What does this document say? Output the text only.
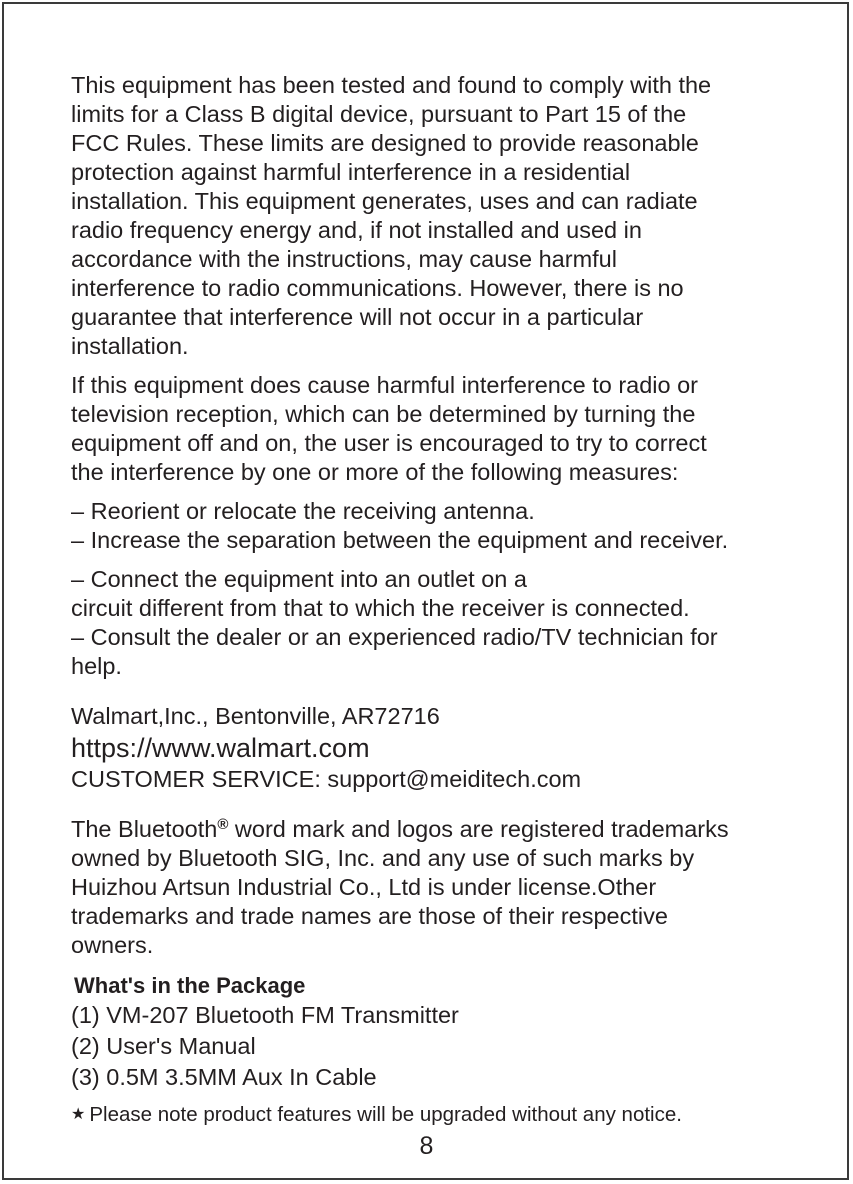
This equipment has been tested and found to comply with the
limits for a Class B digital device, pursuant to Part 15 of the
FCC Rules. These limits are designed to provide reasonable
protection against harmful interference in a residential
installation. This equipment generates, uses and can radiate
radio frequency energy and, if not installed and used in
accordance with the instructions, may cause harmful
interference to radio communications. However, there is no
guarantee that interference will not occur in a particular
installation.

If this equipment does cause harmful interference to radio or
television reception, which can be determined by turning the
equipment off and on, the user is encouraged to try to correct
the interference by one or more of the following measures:

– Reorient or relocate the receiving antenna.
– Increase the separation between the equipment and receiver.

– Connect the equipment into an outlet on a
circuit different from that to which the receiver is connected.
– Consult the dealer or an experienced radio/TV technician for
help.

Walmart,Inc., Bentonville, AR72716
https://www.walmart.com
CUSTOMER SERVICE: support@meiditech.com

The Bluetooth® word mark and logos are registered trademarks
owned by Bluetooth SIG, Inc. and any use of such marks by
Huizhou Artsun Industrial Co., Ltd is under license.Other
trademarks and trade names are those of their respective
owners.

What's in the Package
(1) VM-207 Bluetooth FM Transmitter
(2) User's Manual
(3) 0.5M 3.5MM Aux In Cable
★ Please note product features will be upgraded without any notice.
8
